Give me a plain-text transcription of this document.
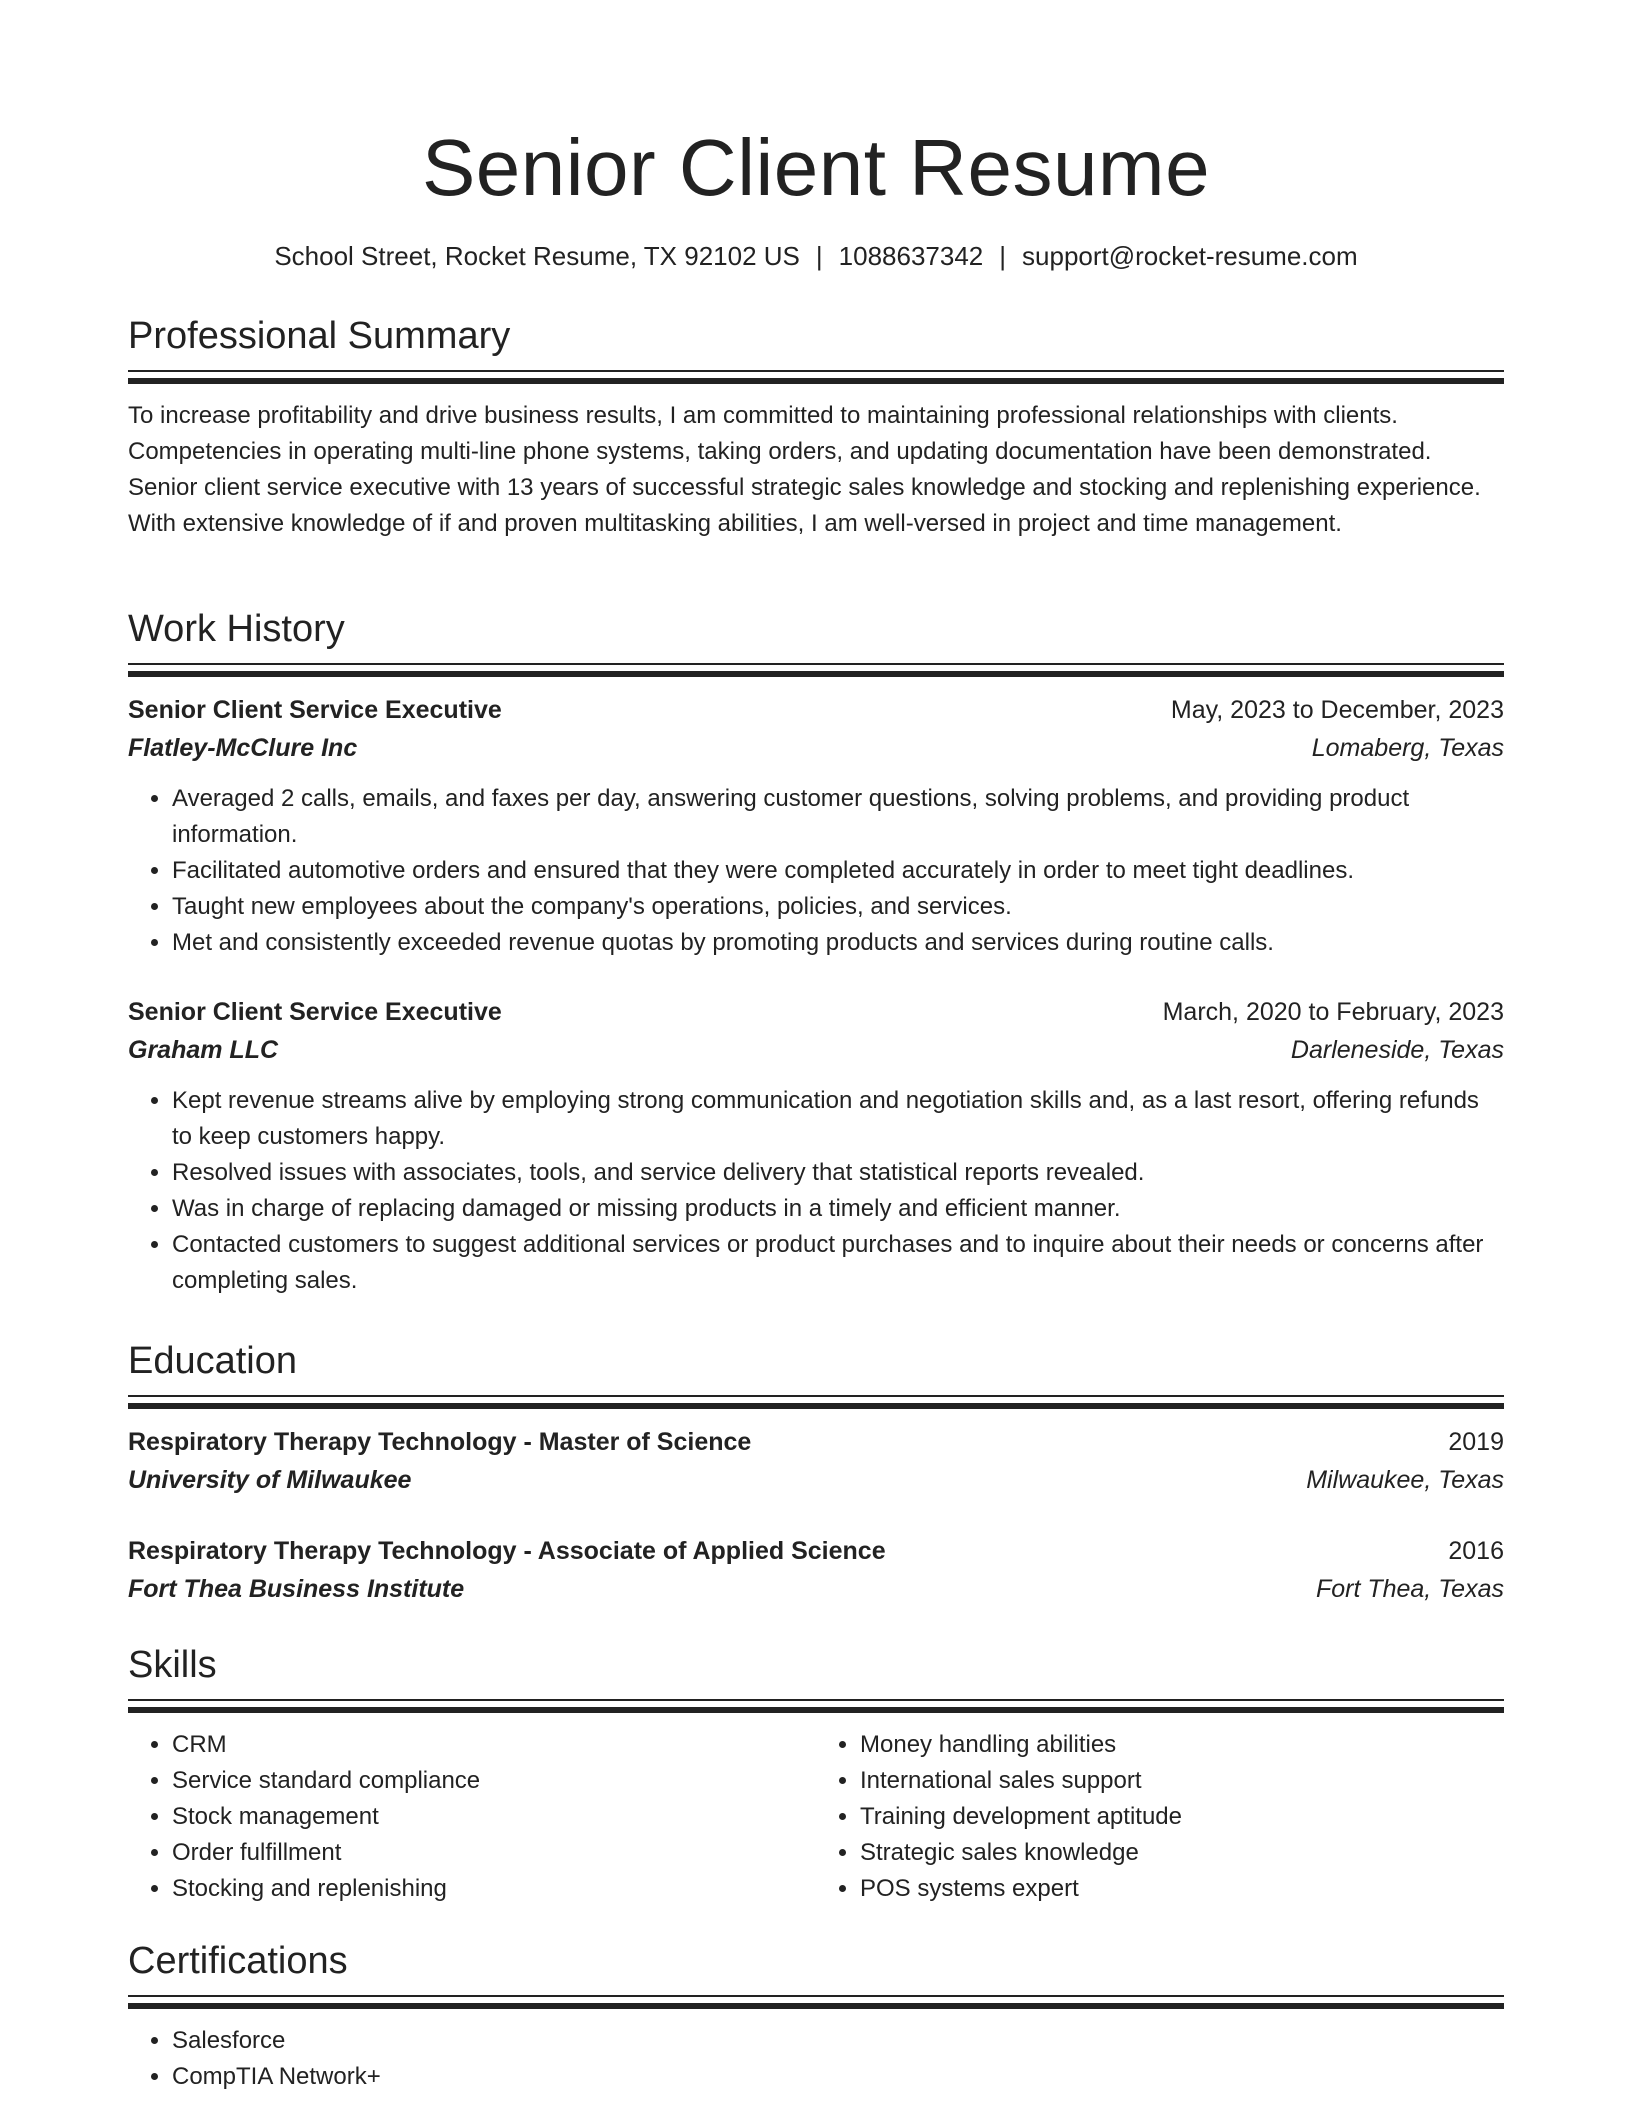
Senior Client Resume
School Street, Rocket Resume, TX 92102 US | 1088637342 | support@rocket-resume.com
Professional Summary

To increase profitability and drive business results, I am committed to maintaining professional relationships with clients. Competencies in operating multi-line phone systems, taking orders, and updating documentation have been demonstrated. Senior client service executive with 13 years of successful strategic sales knowledge and stocking and replenishing experience. With extensive knowledge of if and proven multitasking abilities, I am well-versed in project and time management.

Work History
Senior Client Service Executive	May, 2023 to December, 2023
Flatley-McClure Inc	Lomaberg, Texas
• Averaged 2 calls, emails, and faxes per day, answering customer questions, solving problems, and providing product information.
• Facilitated automotive orders and ensured that they were completed accurately in order to meet tight deadlines.
• Taught new employees about the company's operations, policies, and services.
• Met and consistently exceeded revenue quotas by promoting products and services during routine calls.
Senior Client Service Executive	March, 2020 to February, 2023
Graham LLC	Darleneside, Texas
• Kept revenue streams alive by employing strong communication and negotiation skills and, as a last resort, offering refunds to keep customers happy.
• Resolved issues with associates, tools, and service delivery that statistical reports revealed.
• Was in charge of replacing damaged or missing products in a timely and efficient manner.
• Contacted customers to suggest additional services or product purchases and to inquire about their needs or concerns after completing sales.
Education
Respiratory Therapy Technology - Master of Science	2019
University of Milwaukee	Milwaukee, Texas
Respiratory Therapy Technology - Associate of Applied Science	2016
Fort Thea Business Institute	Fort Thea, Texas
Skills
• CRM
• Service standard compliance
• Stock management
• Order fulfillment
• Stocking and replenishing
• Money handling abilities
• International sales support
• Training development aptitude
• Strategic sales knowledge
• POS systems expert
Certifications
• Salesforce
• CompTIA Network+
